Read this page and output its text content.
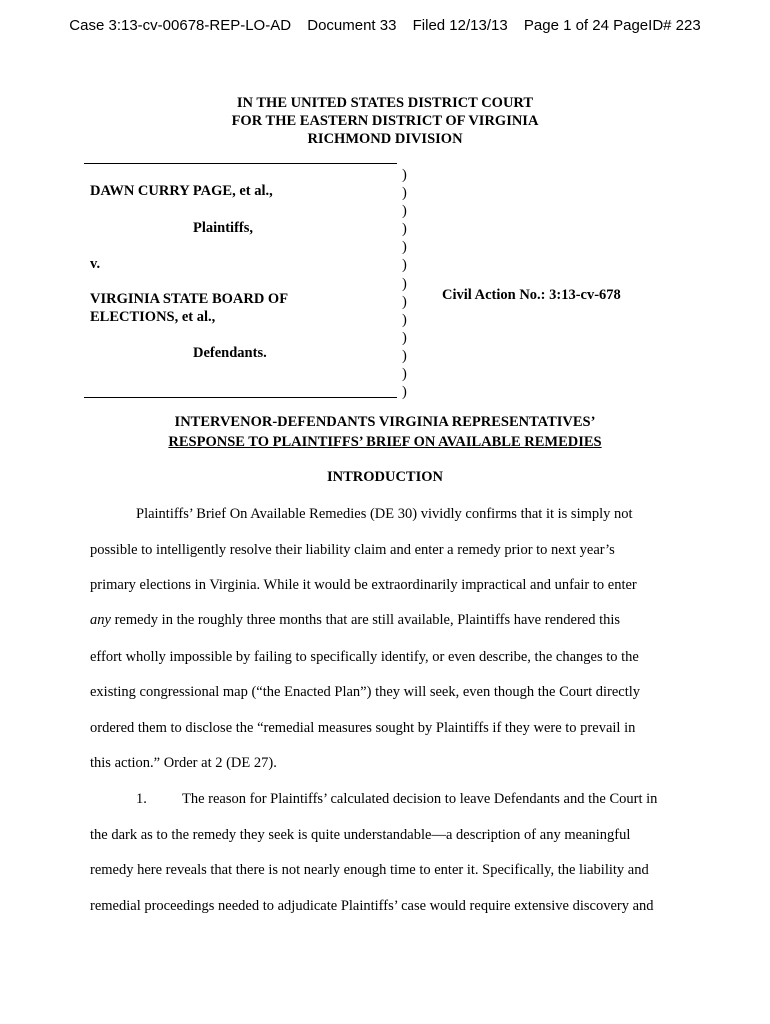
Case 3:13-cv-00678-REP-LO-AD Document 33 Filed 12/13/13 Page 1 of 24 PageID# 223
IN THE UNITED STATES DISTRICT COURT
FOR THE EASTERN DISTRICT OF VIRGINIA
RICHMOND DIVISION
DAWN CURRY PAGE, et al.,
Plaintiffs,
v.
VIRGINIA STATE BOARD OF
ELECTIONS, et al.,
Defendants.
Civil Action No.: 3:13-cv-678
)
)
)
)
)
)
)
)
)
)
)
)
)
INTERVENOR-DEFENDANTS VIRGINIA REPRESENTATIVES’
RESPONSE TO PLAINTIFFS’ BRIEF ON AVAILABLE REMEDIES
INTRODUCTION
Plaintiffs’ Brief On Available Remedies (DE 30) vividly confirms that it is simply not
possible to intelligently resolve their liability claim and enter a remedy prior to next year’s
primary elections in Virginia. While it would be extraordinarily impractical and unfair to enter
any remedy in the roughly three months that are still available, Plaintiffs have rendered this
effort wholly impossible by failing to specifically identify, or even describe, the changes to the
existing congressional map (“the Enacted Plan”) they will seek, even though the Court directly
ordered them to disclose the “remedial measures sought by Plaintiffs if they were to prevail in
this action.” Order at 2 (DE 27).
1. The reason for Plaintiffs’ calculated decision to leave Defendants and the Court in
the dark as to the remedy they seek is quite understandable—a description of any meaningful
remedy here reveals that there is not nearly enough time to enter it. Specifically, the liability and
remedial proceedings needed to adjudicate Plaintiffs’ case would require extensive discovery and
